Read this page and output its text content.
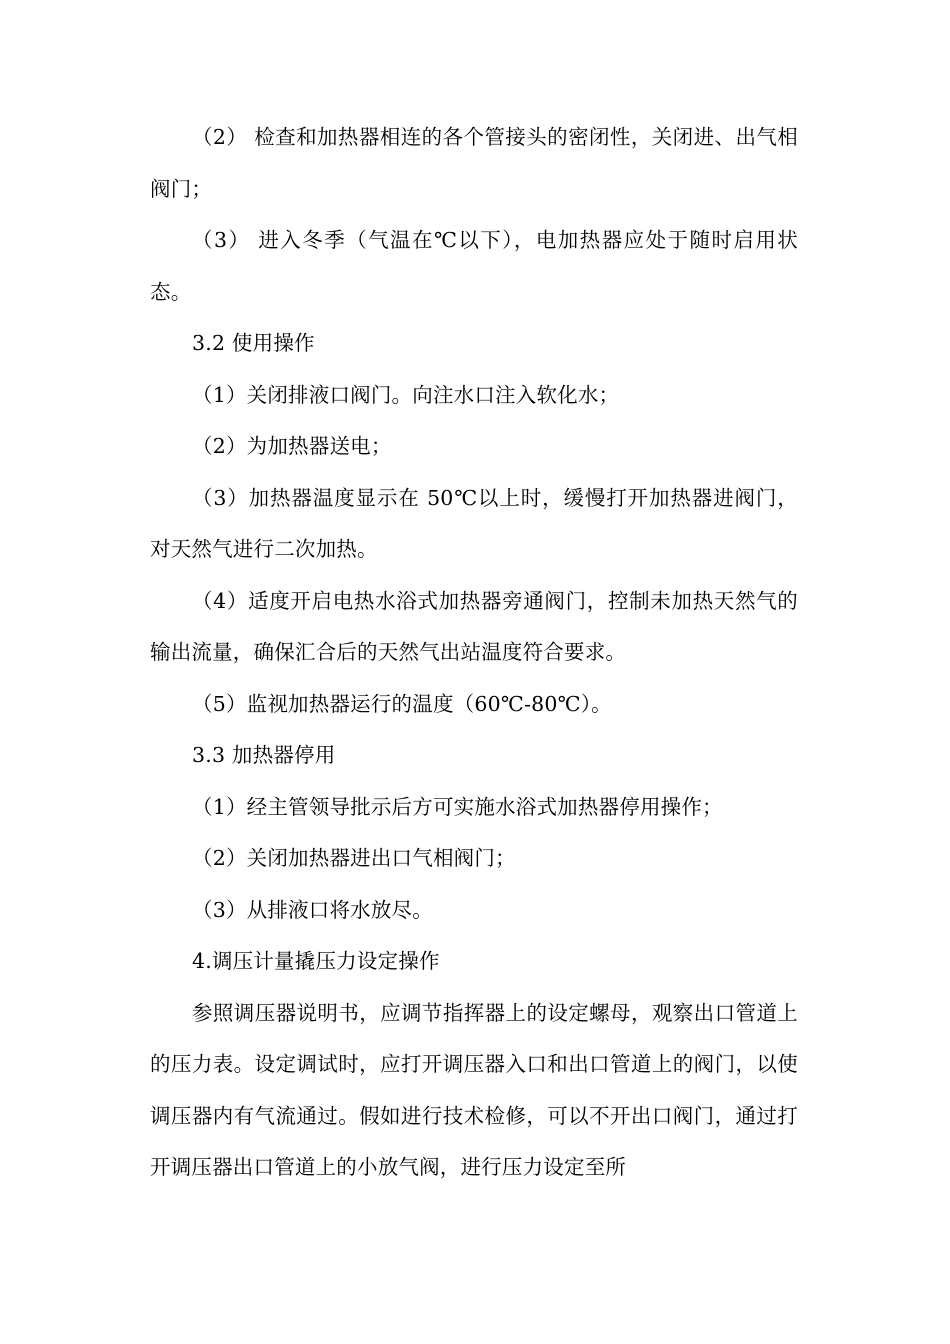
（2） 检查和加热器相连的各个管接头的密闭性，关闭进、出气相阀门；

（3） 进入冬季（气温在℃以下），电加热器应处于随时启用状态。

3.2 使用操作

（1）关闭排液口阀门。向注水口注入软化水；

（2）为加热器送电；

（3）加热器温度显示在 50℃以上时，缓慢打开加热器进阀门，对天然气进行二次加热。

（4）适度开启电热水浴式加热器旁通阀门，控制未加热天然气的输出流量，确保汇合后的天然气出站温度符合要求。

（5）监视加热器运行的温度（60℃-80℃）。

3.3 加热器停用

（1）经主管领导批示后方可实施水浴式加热器停用操作；

（2）关闭加热器进出口气相阀门；

（3）从排液口将水放尽。

4.调压计量撬压力设定操作

参照调压器说明书，应调节指挥器上的设定螺母，观察出口管道上的压力表。设定调试时，应打开调压器入口和出口管道上的阀门，以使调压器内有气流通过。假如进行技术检修，可以不开出口阀门，通过打开调压器出口管道上的小放气阀，进行压力设定至所
